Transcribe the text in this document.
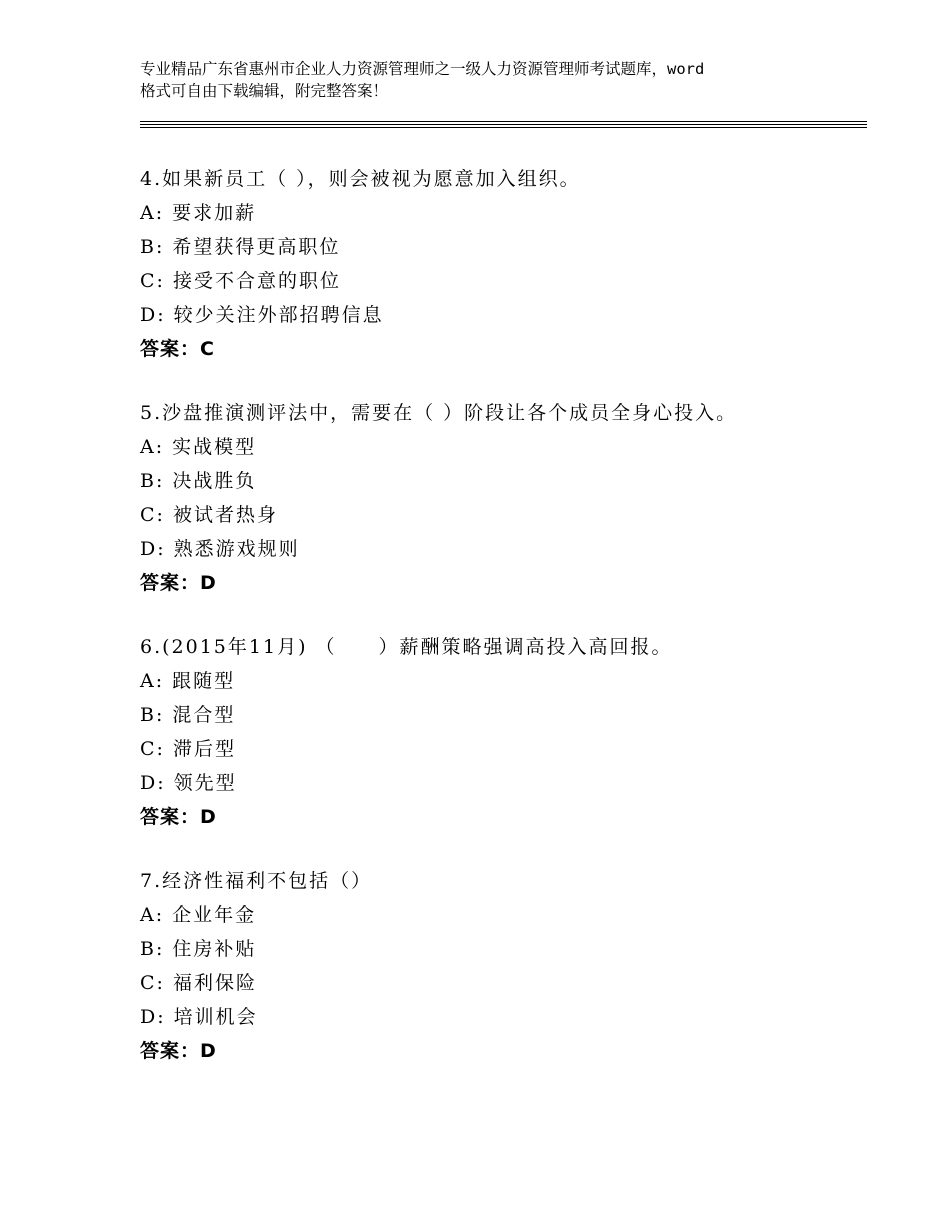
专业精品广东省惠州市企业人力资源管理师之一级人力资源管理师考试题库，word
格式可自由下载编辑，附完整答案！
4.如果新员工（ ），则会被视为愿意加入组织。
A: 要求加薪
B: 希望获得更高职位
C: 接受不合意的职位
D: 较少关注外部招聘信息
答案：C
5.沙盘推演测评法中，需要在（ ）阶段让各个成员全身心投入。
A: 实战模型
B: 决战胜负
C: 被试者热身
D: 熟悉游戏规则
答案：D
6.(2015年11月) （　　）薪酬策略强调高投入高回报。
A: 跟随型
B: 混合型
C: 滞后型
D: 领先型
答案：D
7.经济性福利不包括（）
A: 企业年金
B: 住房补贴
C: 福利保险
D: 培训机会
答案：D
